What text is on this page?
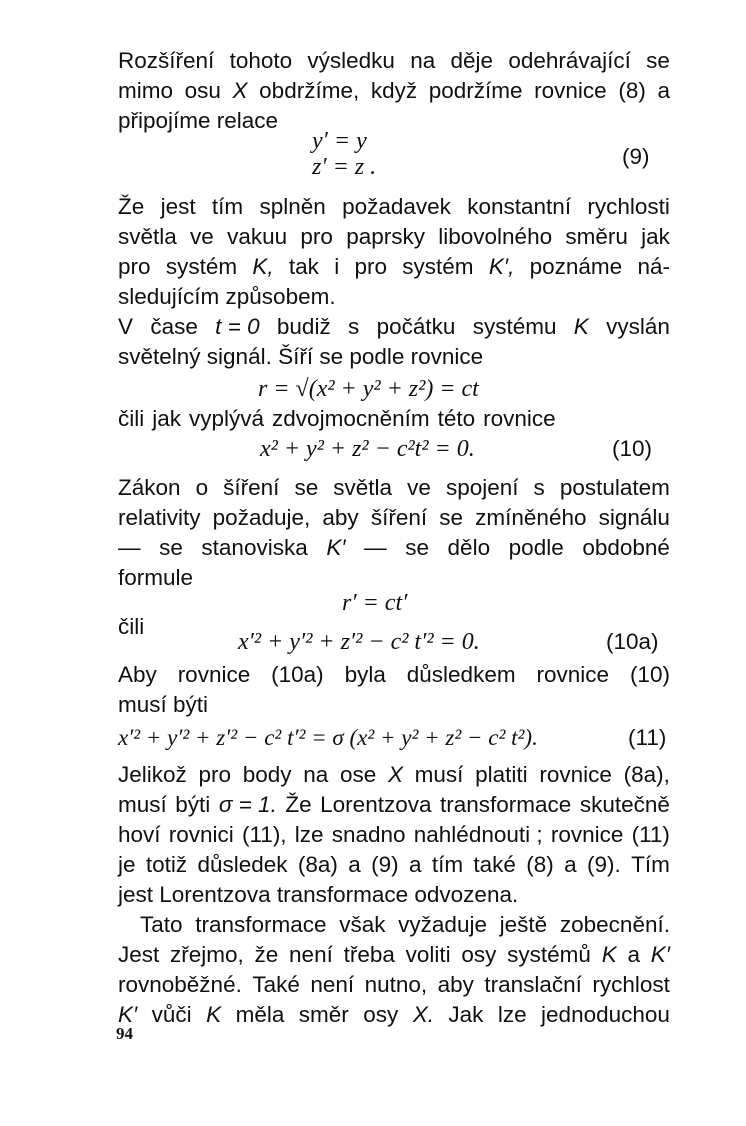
Rozšíření tohoto výsledku na děje odehrávající se
mimo osu X obdržíme, když podržíme rovnice (8) a
připojíme relace
y′ = y
z′ = z .	(9)
Že jest tím splněn požadavek konstantní rychlosti
světla ve vakuu pro paprsky libovolného směru jak
pro systém K, tak i pro systém K′, poznáme ná-
sledujícím způsobem.
V čase t = 0 budiž s počátku systému K vyslán
světelný signál. Šíří se podle rovnice
r = √(x² + y² + z²) = ct
čili jak vyplývá zdvojmocněním této rovnice
x² + y² + z² − c²t² = 0.	(10)
Zákon o šíření se světla ve spojení s postulatem
relativity požaduje, aby šíření se zmíněného signálu
— se stanoviska K′ — se dělo podle obdobné
formule
r′ = ct′
čili
x′² + y′² + z′² − c² t′² = 0.	(10a)
Aby rovnice (10a) byla důsledkem rovnice (10)
musí býti
x′² + y′² + z′² − c² t′² = σ (x² + y² + z² − c² t²).	(11)
Jelikož pro body na ose X musí platiti rovnice (8a),
musí býti σ = 1. Že Lorentzova transformace skutečně
hoví rovnici (11), lze snadno nahlédnouti ; rovnice (11)
je totiž důsledek (8a) a (9) a tím také (8) a (9). Tím
jest Lorentzova transformace odvozena.
Tato transformace však vyžaduje ještě zobecnění.
Jest zřejmo, že není třeba voliti osy systémů K a K′
rovnoběžné. Také není nutno, aby translační rychlost
K′ vůči K měla směr osy X. Jak lze jednoduchou
94
